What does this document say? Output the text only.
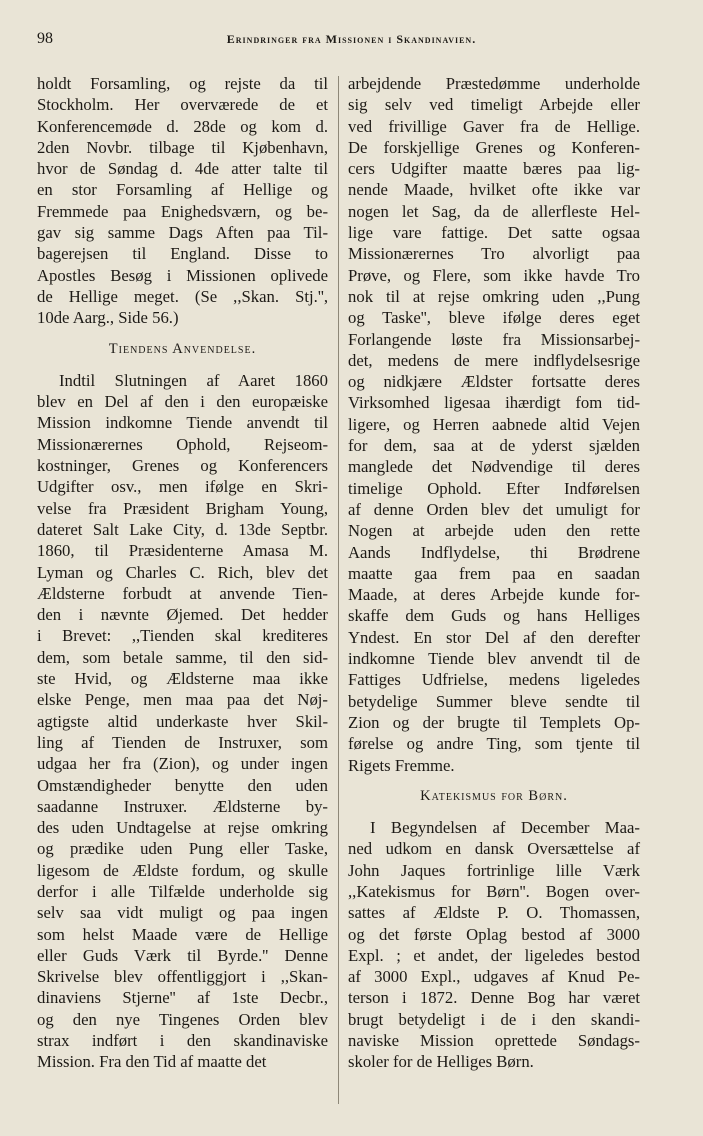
98	Erindringer fra Missionen i Skandinavien.
holdt Forsamling, og rejste da til
Stockholm. Her overværede de et
Konferencemøde d. 28de og kom d.
2den Novbr. tilbage til Kjøbenhavn,
hvor de Søndag d. 4de atter talte til
en stor Forsamling af Hellige og
Fremmede paa Enighedsværn, og be-
gav sig samme Dags Aften paa Til-
bagerejsen til England. Disse to
Apostles Besøg i Missionen oplivede
de Hellige meget. (Se ,,Skan. Stj.'',
10de Aarg., Side 56.)
Tiendens Anvendelse.
Indtil Slutningen af Aaret 1860
blev en Del af den i den europæiske
Mission indkomne Tiende anvendt til
Missionærernes Ophold, Rejseom-
kostninger, Grenes og Konferencers
Udgifter osv., men ifølge en Skri-
velse fra Præsident Brigham Young,
dateret Salt Lake City, d. 13de Septbr.
1860, til Præsidenterne Amasa M.
Lyman og Charles C. Rich, blev det
Ældsterne forbudt at anvende Tien-
den i nævnte Øjemed. Det hedder
i Brevet: ,,Tienden skal krediteres
dem, som betale samme, til den sid-
ste Hvid, og Ældsterne maa ikke
elske Penge, men maa paa det Nøj-
agtigste altid underkaste hver Skil-
ling af Tienden de Instruxer, som
udgaa her fra (Zion), og under ingen
Omstændigheder benytte den uden
saadanne Instruxer. Ældsterne by-
des uden Undtagelse at rejse omkring
og prædike uden Pung eller Taske,
ligesom de Ældste fordum, og skulle
derfor i alle Tilfælde underholde sig
selv saa vidt muligt og paa ingen
som helst Maade være de Hellige
eller Guds Værk til Byrde.'' Denne
Skrivelse blev offentliggjort i ,,Skan-
dinaviens Stjerne'' af 1ste Decbr.,
og den nye Tingenes Orden blev
strax indført i den skandinaviske
Mission. Fra den Tid af maatte det
arbejdende Præstedømme underholde
sig selv ved timeligt Arbejde eller
ved frivillige Gaver fra de Hellige.
De forskjellige Grenes og Konferen-
cers Udgifter maatte bæres paa lig-
nende Maade, hvilket ofte ikke var
nogen let Sag, da de allerfleste Hel-
lige vare fattige. Det satte ogsaa
Missionærernes Tro alvorligt paa
Prøve, og Flere, som ikke havde Tro
nok til at rejse omkring uden ,,Pung
og Taske'', bleve ifølge deres eget
Forlangende løste fra Missionsarbej-
det, medens de mere indflydelsesrige
og nidkjære Ældster fortsatte deres
Virksomhed ligesaa ihærdigt fom tid-
ligere, og Herren aabnede altid Vejen
for dem, saa at de yderst sjælden
manglede det Nødvendige til deres
timelige Ophold. Efter Indførelsen
af denne Orden blev det umuligt for
Nogen at arbejde uden den rette
Aands Indflydelse, thi Brødrene
maatte gaa frem paa en saadan
Maade, at deres Arbejde kunde for-
skaffe dem Guds og hans Helliges
Yndest. En stor Del af den derefter
indkomne Tiende blev anvendt til de
Fattiges Udfrielse, medens ligeledes
betydelige Summer bleve sendte til
Zion og der brugte til Templets Op-
førelse og andre Ting, som tjente til
Rigets Fremme.
Katekismus for Børn.
I Begyndelsen af December Maa-
ned udkom en dansk Oversættelse af
John Jaques fortrinlige lille Værk
,,Katekismus for Børn''. Bogen over-
sattes af Ældste P. O. Thomassen,
og det første Oplag bestod af 3000
Expl. ; et andet, der ligeledes bestod
af 3000 Expl., udgaves af Knud Pe-
terson i 1872. Denne Bog har været
brugt betydeligt i de i den skandi-
naviske Mission oprettede Søndags-
skoler for de Helliges Børn.
